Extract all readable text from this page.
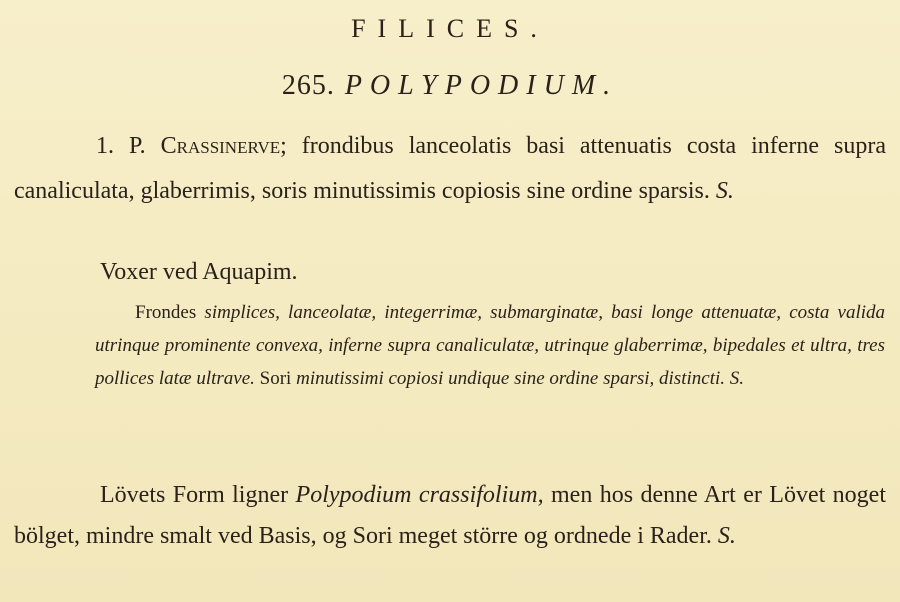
FILICES.
265. POLYPODIUM.
1. P. Crassinerve; frondibus lanceolatis basi attenuatis costa inferne supra canaliculata, glaberrimis, soris minutissimis copiosis sine ordine sparsis. S.
Voxer ved Aquapim.
Frondes simplices, lanceolatæ, integerrimæ, submarginatæ, basi longe attenuatæ, costa valida utrinque prominente convexa, inferne supra canaliculatæ, utrinque glaberrimæ, bipedales et ultra, tres pollices latæ ultrave. Sori minutissimi copiosi undique sine ordine sparsi, distincti. S.
Lövets Form ligner Polypodium crassifolium, men hos denne Art er Lövet noget bölget, mindre smalt ved Basis, og Sori meget större og ordnede i Rader. S.
